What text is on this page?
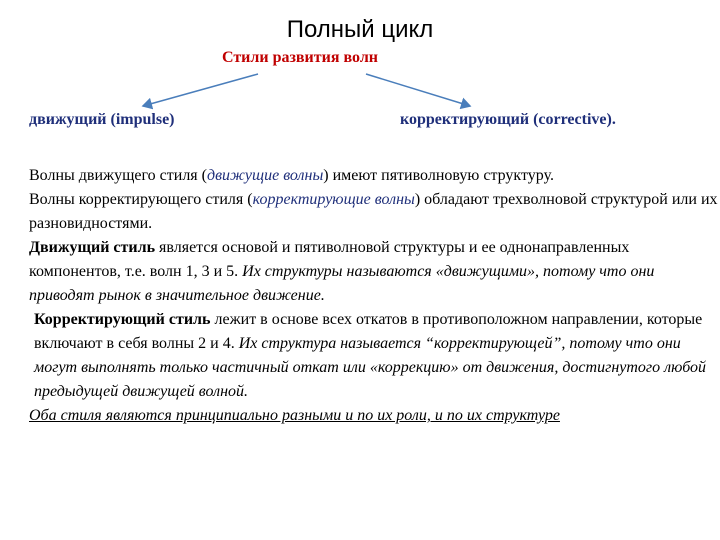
Полный цикл
Стили развития волн
движущий (impulse)	корректирующий (corrective).

Волны движущего стиля (движущие волны) имеют пятиволновую структуру.

Волны корректирующего стиля (корректирующие волны) обладают трехволновой структурой или их разновидностями.

Движущий стиль является основой и пятиволновой структуры и ее однонаправленных компонентов, т.е. волн 1, 3 и 5. Их структуры называются «движущими», потому что они приводят рынок в значительное движение.

Корректирующий стиль лежит в основе всех откатов в противоположном направлении, которые включают в себя волны 2 и 4. Их структура называется “корректирующей”, потому что они могут выполнять только частичный откат или «коррекцию» от движения, достигнутого любой предыдущей движущей волной.

Оба стиля являются принципиально разными и по их роли, и по их структуре
